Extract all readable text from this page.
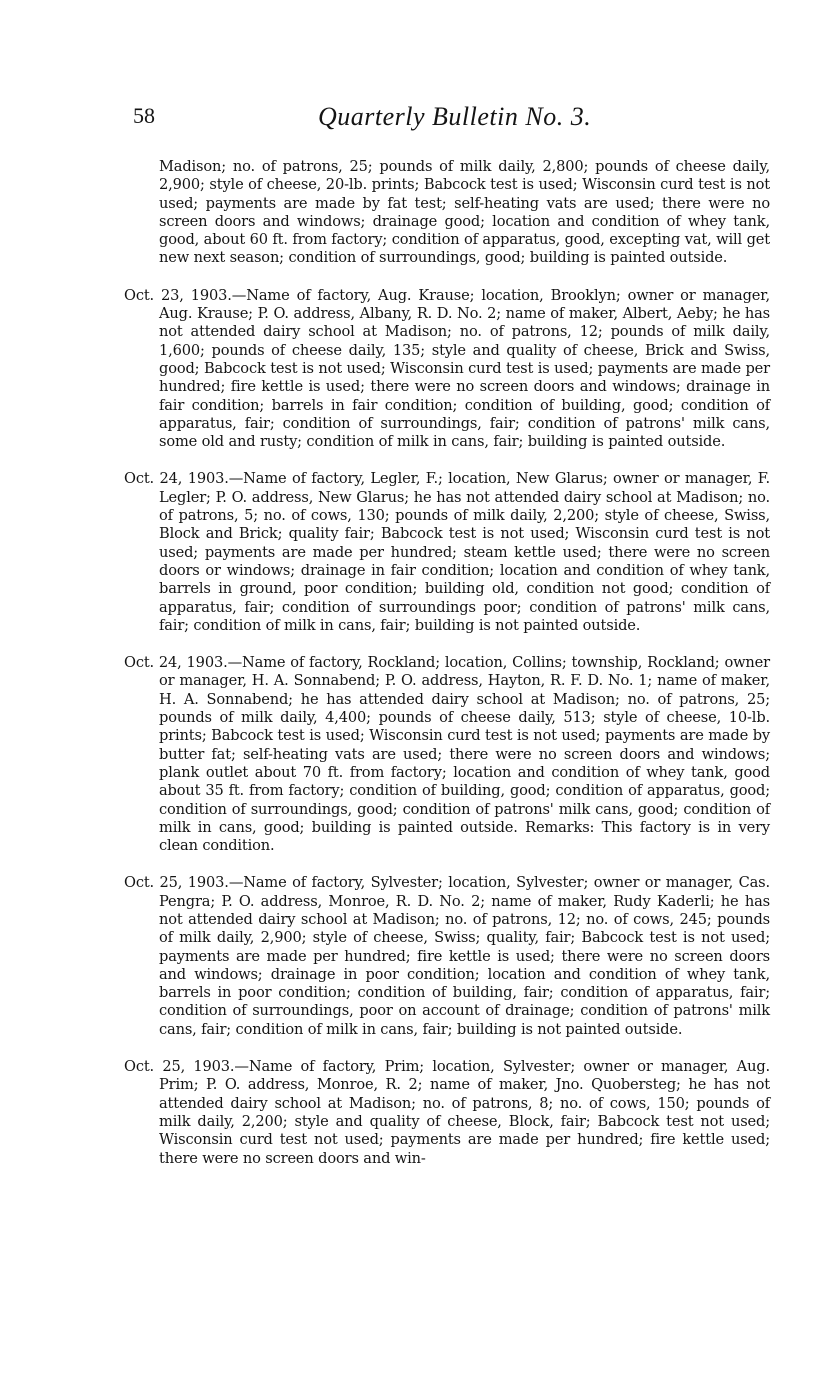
58	Quarterly Bulletin No. 3.

Madison; no. of patrons, 25; pounds of milk daily, 2,800; pounds of cheese daily, 2,900; style of cheese, 20-lb. prints; Babcock test is used; Wisconsin curd test is not used; payments are made by fat test; self-heating vats are used; there were no screen doors and windows; drainage good; location and condition of whey tank, good, about 60 ft. from factory; condition of apparatus, good, excepting vat, will get new next season; condition of surroundings, good; building is painted outside.

Oct. 23, 1903.—Name of factory, Aug. Krause; location, Brooklyn; owner or manager, Aug. Krause; P. O. address, Albany, R. D. No. 2; name of maker, Albert, Aeby; he has not attended dairy school at Madison; no. of patrons, 12; pounds of milk daily, 1,600; pounds of cheese daily, 135; style and quality of cheese, Brick and Swiss, good; Babcock test is not used; Wisconsin curd test is used; payments are made per hundred; fire kettle is used; there were no screen doors and windows; drainage in fair condition; barrels in fair condition; condition of building, good; condition of apparatus, fair; condition of surroundings, fair; condition of patrons' milk cans, some old and rusty; condition of milk in cans, fair; building is painted outside.

Oct. 24, 1903.—Name of factory, Legler, F.; location, New Glarus; owner or manager, F. Legler; P. O. address, New Glarus; he has not attended dairy school at Madison; no. of patrons, 5; no. of cows, 130; pounds of milk daily, 2,200; style of cheese, Swiss, Block and Brick; quality fair; Babcock test is not used; Wisconsin curd test is not used; payments are made per hundred; steam kettle used; there were no screen doors or windows; drainage in fair condition; location and condition of whey tank, barrels in ground, poor condition; building old, condition not good; condition of apparatus, fair; condition of surroundings poor; condition of patrons' milk cans, fair; condition of milk in cans, fair; building is not painted outside.

Oct. 24, 1903.—Name of factory, Rockland; location, Collins; township, Rockland; owner or manager, H. A. Sonnabend; P. O. address, Hayton, R. F. D. No. 1; name of maker, H. A. Sonnabend; he has attended dairy school at Madison; no. of patrons, 25; pounds of milk daily, 4,400; pounds of cheese daily, 513; style of cheese, 10-lb. prints; Babcock test is used; Wisconsin curd test is not used; payments are made by butter fat; self-heating vats are used; there were no screen doors and windows; plank outlet about 70 ft. from factory; location and condition of whey tank, good about 35 ft. from factory; condition of building, good; condition of apparatus, good; condition of surroundings, good; condition of patrons' milk cans, good; condition of milk in cans, good; building is painted outside. Remarks: This factory is in very clean condition.

Oct. 25, 1903.—Name of factory, Sylvester; location, Sylvester; owner or manager, Cas. Pengra; P. O. address, Monroe, R. D. No. 2; name of maker, Rudy Kaderli; he has not attended dairy school at Madison; no. of patrons, 12; no. of cows, 245; pounds of milk daily, 2,900; style of cheese, Swiss; quality, fair; Babcock test is not used; payments are made per hundred; fire kettle is used; there were no screen doors and windows; drainage in poor condition; location and condition of whey tank, barrels in poor condition; condition of building, fair; condition of apparatus, fair; condition of surroundings, poor on account of drainage; condition of patrons' milk cans, fair; condition of milk in cans, fair; building is not painted outside.

Oct. 25, 1903.—Name of factory, Prim; location, Sylvester; owner or manager, Aug. Prim; P. O. address, Monroe, R. 2; name of maker, Jno. Quobersteg; he has not attended dairy school at Madison; no. of patrons, 8; no. of cows, 150; pounds of milk daily, 2,200; style and quality of cheese, Block, fair; Babcock test not used; Wisconsin curd test not used; payments are made per hundred; fire kettle used; there were no screen doors and win-
